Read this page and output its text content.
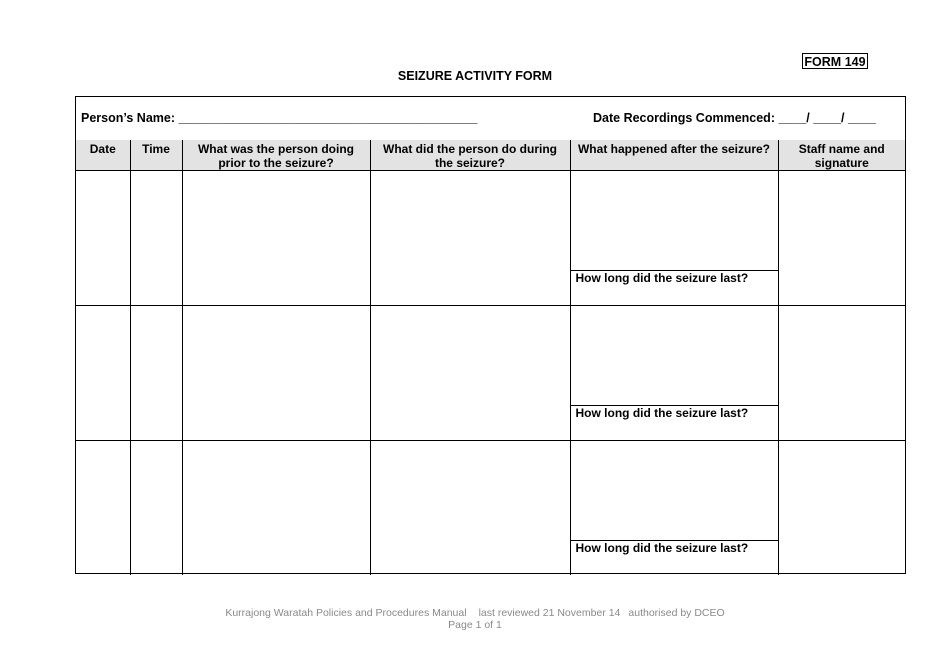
FORM 149
SEIZURE ACTIVITY FORM
Person’s Name: ___________________________________________	Date Recordings Commenced: ____/ ____/ ____
Date	Time	What was the person doing prior to the seizure?	What did the person do during the seizure?	What happened after the seizure?	Staff name and signature

				How long did the seizure last?	

				How long did the seizure last?	

				How long did the seizure last?	

Kurrajong Waratah Policies and Procedures Manual last reviewed 21 November 14 authorised by DCEO
Page 1 of 1
